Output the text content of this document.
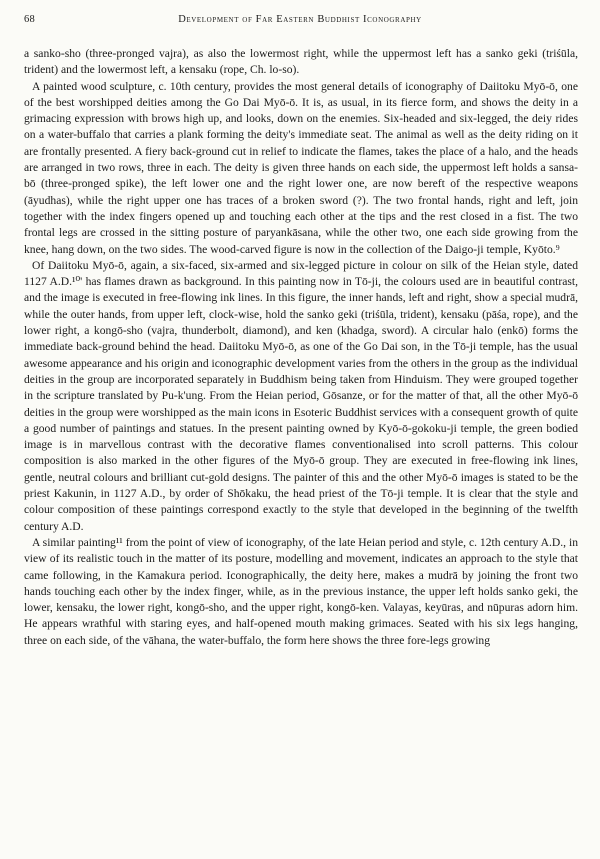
68	Development of Far Eastern Buddhist Iconography

a sanko-sho (three-pronged vajra), as also the lowermost right, while the uppermost left has a sanko geki (triśūla, trident) and the lowermost left, a kensaku (rope, Ch. lo-so).

A painted wood sculpture, c. 10th century, provides the most general details of iconography of Daiitoku Myō-ō, one of the best worshipped deities among the Go Dai Myō-ō. It is, as usual, in its fierce form, and shows the deity in a grimacing expression with brows high up, and looks, down on the enemies. Six-headed and six-legged, the deiy rides on a water-buffalo that carries a plank forming the deity's immediate seat. The animal as well as the deity riding on it are frontally presented. A fiery back-ground cut in relief to indicate the flames, takes the place of a halo, and the heads are arranged in two rows, three in each. The deity is given three hands on each side, the uppermost left holds a sansa-bō (three-pronged spike), the left lower one and the right lower one, are now bereft of the respective weapons (āyudhas), while the right upper one has traces of a broken sword (?). The two frontal hands, right and left, join together with the index fingers opened up and touching each other at the tips and the rest closed in a fist. The two frontal legs are crossed in the sitting posture of paryankāsana, while the other two, one each side growing from the knee, hang down, on the two sides. The wood-carved figure is now in the collection of the Daigo-ji temple, Kyōto.⁹

Of Daiitoku Myō-ō, again, a six-faced, six-armed and six-legged picture in colour on silk of the Heian style, dated 1127 A.D.¹⁰' has flames drawn as background. In this painting now in Tō-ji, the colours used are in beautiful contrast, and the image is executed in free-flowing ink lines. In this figure, the inner hands, left and right, show a special mudrā, while the outer hands, from upper left, clock-wise, hold the sanko geki (triśūla, trident), kensaku (pāśa, rope), and the lower right, a kongō-sho (vajra, thunderbolt, diamond), and ken (khadga, sword). A circular halo (enkō) forms the immediate back-ground behind the head. Daiitoku Myō-ō, as one of the Go Dai son, in the Tō-ji temple, has the usual awesome appearance and his origin and iconographic development varies from the others in the group as the individual deities in the group are incorporated separately in Buddhism being taken from Hinduism. They were grouped together in the scripture translated by Pu-k'ung. From the Heian period, Gōsanze, or for the matter of that, all the other Myō-ō deities in the group were worshipped as the main icons in Esoteric Buddhist services with a consequent growth of quite a good number of paintings and statues. In the present painting owned by Kyō-ō-gokoku-ji temple, the green bodied image is in marvellous contrast with the decorative flames conventionalised into scroll patterns. This colour composition is also marked in the other figures of the Myō-ō group. They are executed in free-flowing ink lines, gentle, neutral colours and brilliant cut-gold designs. The painter of this and the other Myō-ō images is stated to be the priest Kakunin, in 1127 A.D., by order of Shōkaku, the head priest of the Tō-ji temple. It is clear that the style and colour composition of these paintings correspond exactly to the style that developed in the beginning of the twelfth century A.D.

A similar painting¹¹ from the point of view of iconography, of the late Heian period and style, c. 12th century A.D., in view of its realistic touch in the matter of its posture, modelling and movement, indicates an approach to the style that came following, in the Kamakura period. Iconographically, the deity here, makes a mudrā by joining the front two hands touching each other by the index finger, while, as in the previous instance, the upper left holds sanko geki, the lower, kensaku, the lower right, kongō-sho, and the upper right, kongō-ken. Valayas, keyūras, and nūpuras adorn him. He appears wrathful with staring eyes, and half-opened mouth making grimaces. Seated with his six legs hanging, three on each side, of the vāhana, the water-buffalo, the form here shows the three fore-legs growing
